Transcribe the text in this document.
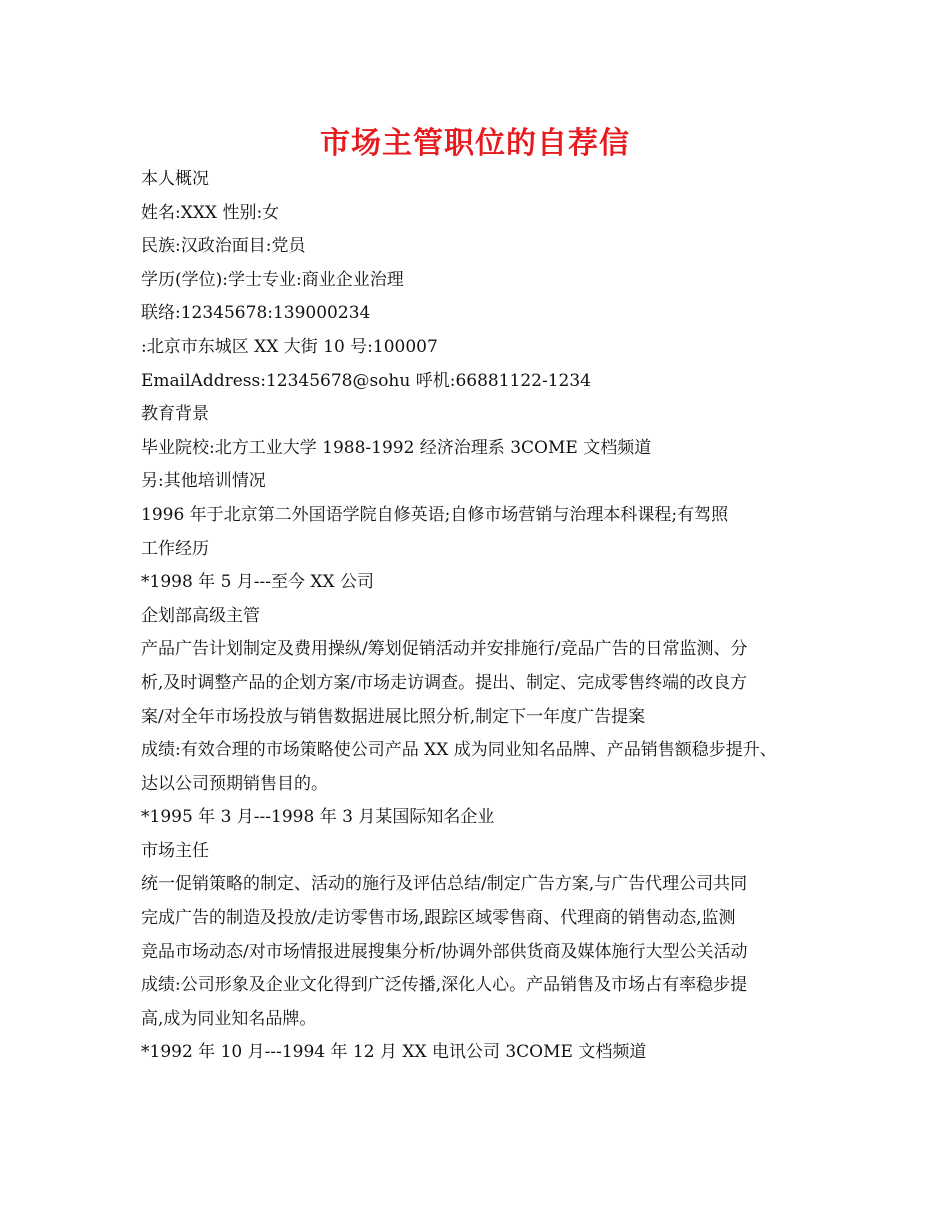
市场主管职位的自荐信
本人概况
姓名:XXX 性别:女
民族:汉政治面目:党员
学历(学位):学士专业:商业企业治理
联络:12345678:139000234
:北京市东城区 XX 大街 10 号:100007
EmailAddress:12345678@sohu 呼机:66881122-1234
教育背景
毕业院校:北方工业大学 1988-1992 经济治理系 3COME 文档频道
另:其他培训情况
1996 年于北京第二外国语学院自修英语;自修市场营销与治理本科课程;有驾照
工作经历
*1998 年 5 月---至今 XX 公司
企划部高级主管
产品广告计划制定及费用操纵/筹划促销活动并安排施行/竞品广告的日常监测、分
析,及时调整产品的企划方案/市场走访调查。提出、制定、完成零售终端的改良方
案/对全年市场投放与销售数据进展比照分析,制定下一年度广告提案
成绩:有效合理的市场策略使公司产品 XX 成为同业知名品牌、产品销售额稳步提升、
达以公司预期销售目的。
*1995 年 3 月---1998 年 3 月某国际知名企业
市场主任
统一促销策略的制定、活动的施行及评估总结/制定广告方案,与广告代理公司共同
完成广告的制造及投放/走访零售市场,跟踪区域零售商、代理商的销售动态,监测
竞品市场动态/对市场情报进展搜集分析/协调外部供货商及媒体施行大型公关活动
成绩:公司形象及企业文化得到广泛传播,深化人心。产品销售及市场占有率稳步提
高,成为同业知名品牌。
*1992 年 10 月---1994 年 12 月 XX 电讯公司 3COME 文档频道
